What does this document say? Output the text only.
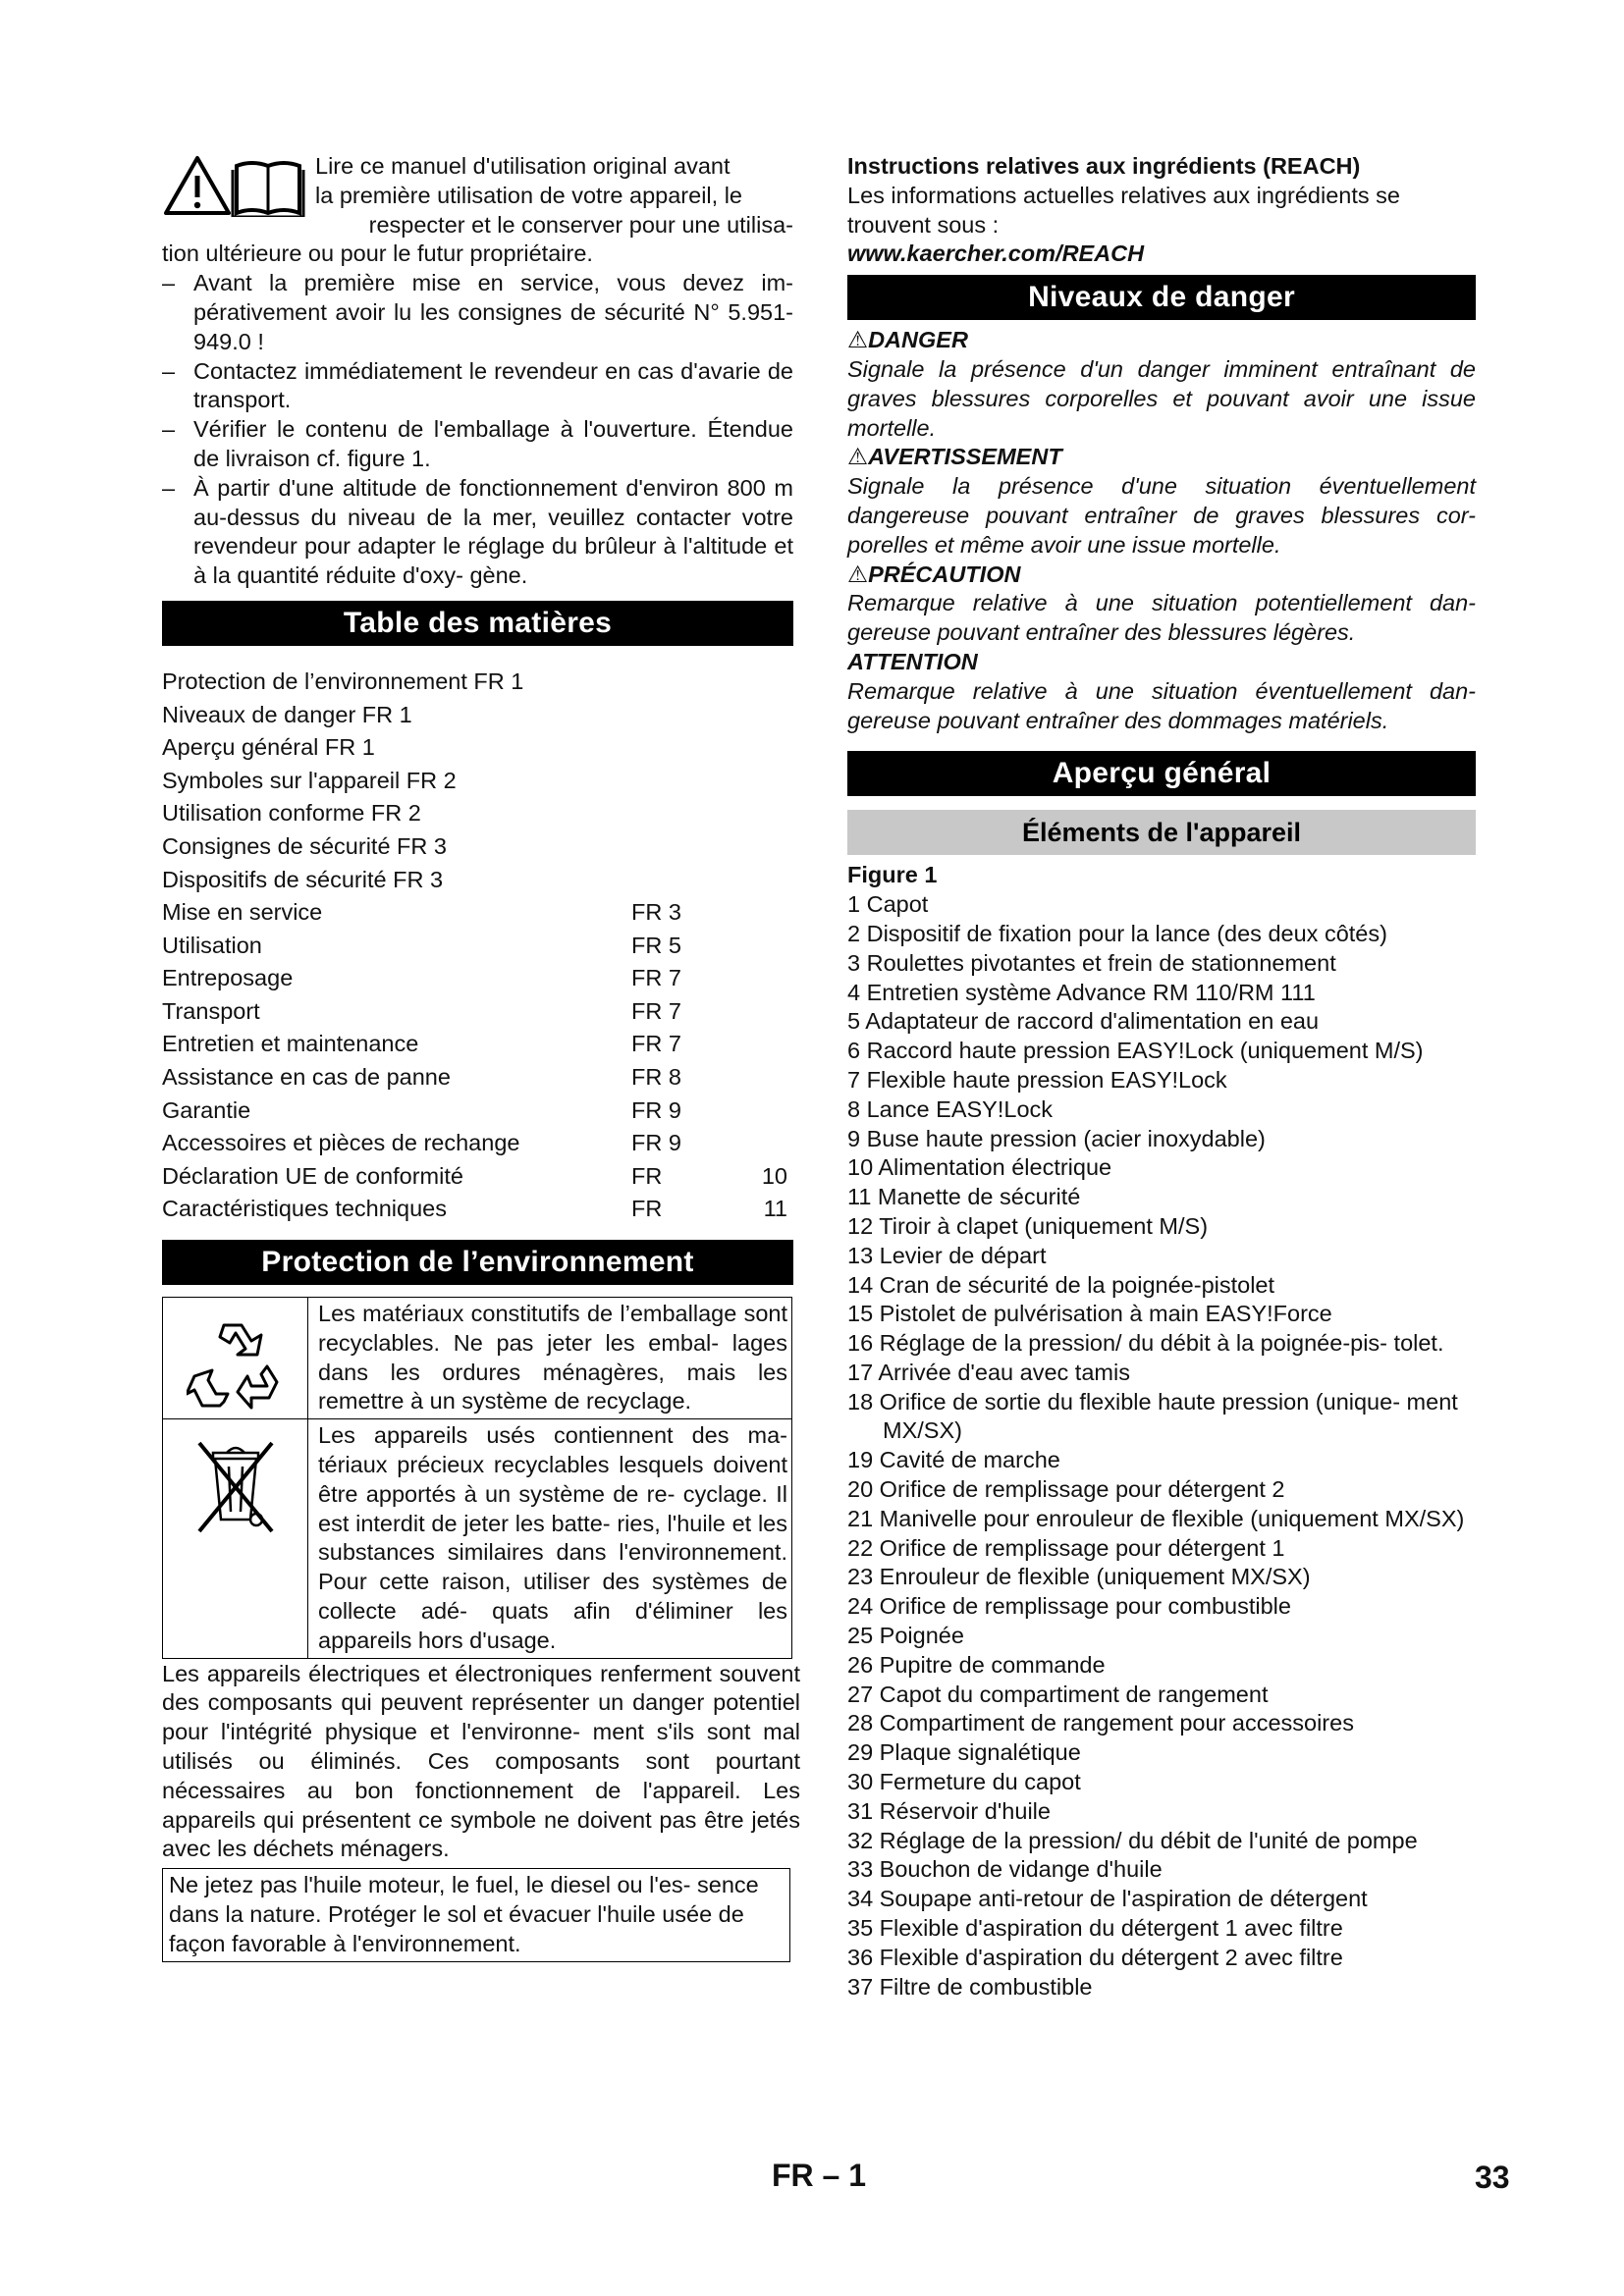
Lire ce manuel d'utilisation original avant
la première utilisation de votre appareil, le
respecter et le conserver pour une utilisa-
tion ultérieure ou pour le futur propriétaire.
– Avant la première mise en service, vous devez im- pérativement avoir lu les consignes de sécurité N° 5.951-949.0 !
– Contactez immédiatement le revendeur en cas d'avarie de transport.
– Vérifier le contenu de l'emballage à l'ouverture. Étendue de livraison cf. figure 1.
– À partir d'une altitude de fonctionnement d'environ 800 m au-dessus du niveau de la mer, veuillez contacter votre revendeur pour adapter le réglage du brûleur à l'altitude et à la quantité réduite d'oxy- gène.
Table des matières
Protection de l’environnement FR 1
Niveaux de danger FR 1
Aperçu général FR 1
Symboles sur l'appareil FR 2
Utilisation conforme FR 2
Consignes de sécurité FR 3
Dispositifs de sécurité FR 3
Mise en service	FR 3
Utilisation	FR 5
Entreposage	FR 7
Transport	FR 7
Entretien et maintenance	FR 7
Assistance en cas de panne	FR 8
Garantie	FR 9
Accessoires et pièces de rechange	FR 9
Déclaration UE de conformité	FR	10
Caractéristiques techniques	FR	11
Protection de l’environnement
Les matériaux constitutifs de l’emballage sont recyclables. Ne pas jeter les embal- lages dans les ordures ménagères, mais les remettre à un système de recyclage.
Les appareils usés contiennent des ma- tériaux précieux recyclables lesquels doivent être apportés à un système de re- cyclage. Il est interdit de jeter les batte- ries, l'huile et les substances similaires dans l'environnement. Pour cette raison, utiliser des systèmes de collecte adé- quats afin d'éliminer les appareils hors d'usage.
Les appareils électriques et électroniques renferment souvent des composants qui peuvent représenter un danger potentiel pour l'intégrité physique et l'environne- ment s'ils sont mal utilisés ou éliminés. Ces composants sont pourtant nécessaires au bon fonctionnement de l'appareil. Les appareils qui présentent ce symbole ne doivent pas être jetés avec les déchets ménagers.
Ne jetez pas l'huile moteur, le fuel, le diesel ou l'es- sence dans la nature. Protéger le sol et évacuer l'huile usée de façon favorable à l'environnement.
Instructions relatives aux ingrédients (REACH)
Les informations actuelles relatives aux ingrédients se trouvent sous :
www.kaercher.com/REACH
Niveaux de danger
⚠DANGER
Signale la présence d'un danger imminent entraînant de graves blessures corporelles et pouvant avoir une issue mortelle.
⚠AVERTISSEMENT
Signale la présence d'une situation éventuellement dangereuse pouvant entraîner de graves blessures cor- porelles et même avoir une issue mortelle.
⚠PRÉCAUTION
Remarque relative à une situation potentiellement dan- gereuse pouvant entraîner des blessures légères.
ATTENTION
Remarque relative à une situation éventuellement dan- gereuse pouvant entraîner des dommages matériels.
Aperçu général
Éléments de l'appareil
Figure 1
1 Capot
2 Dispositif de fixation pour la lance (des deux côtés)
3 Roulettes pivotantes et frein de stationnement
4 Entretien système Advance RM 110/RM 111
5 Adaptateur de raccord d'alimentation en eau
6 Raccord haute pression EASY!Lock (uniquement M/S)
7 Flexible haute pression EASY!Lock
8 Lance EASY!Lock
9 Buse haute pression (acier inoxydable)
10 Alimentation électrique
11 Manette de sécurité
12 Tiroir à clapet (uniquement M/S)
13 Levier de départ
14 Cran de sécurité de la poignée-pistolet
15 Pistolet de pulvérisation à main EASY!Force
16 Réglage de la pression/ du débit à la poignée-pis- tolet.
17 Arrivée d'eau avec tamis
18 Orifice de sortie du flexible haute pression (unique- ment MX/SX)
19 Cavité de marche
20 Orifice de remplissage pour détergent 2
21 Manivelle pour enrouleur de flexible (uniquement MX/SX)
22 Orifice de remplissage pour détergent 1
23 Enrouleur de flexible (uniquement MX/SX)
24 Orifice de remplissage pour combustible
25 Poignée
26 Pupitre de commande
27 Capot du compartiment de rangement
28 Compartiment de rangement pour accessoires
29 Plaque signalétique
30 Fermeture du capot
31 Réservoir d'huile
32 Réglage de la pression/ du débit de l'unité de pompe
33 Bouchon de vidange d'huile
34 Soupape anti-retour de l'aspiration de détergent
35 Flexible d'aspiration du détergent 1 avec filtre
36 Flexible d'aspiration du détergent 2 avec filtre
37 Filtre de combustible
FR – 1	33
